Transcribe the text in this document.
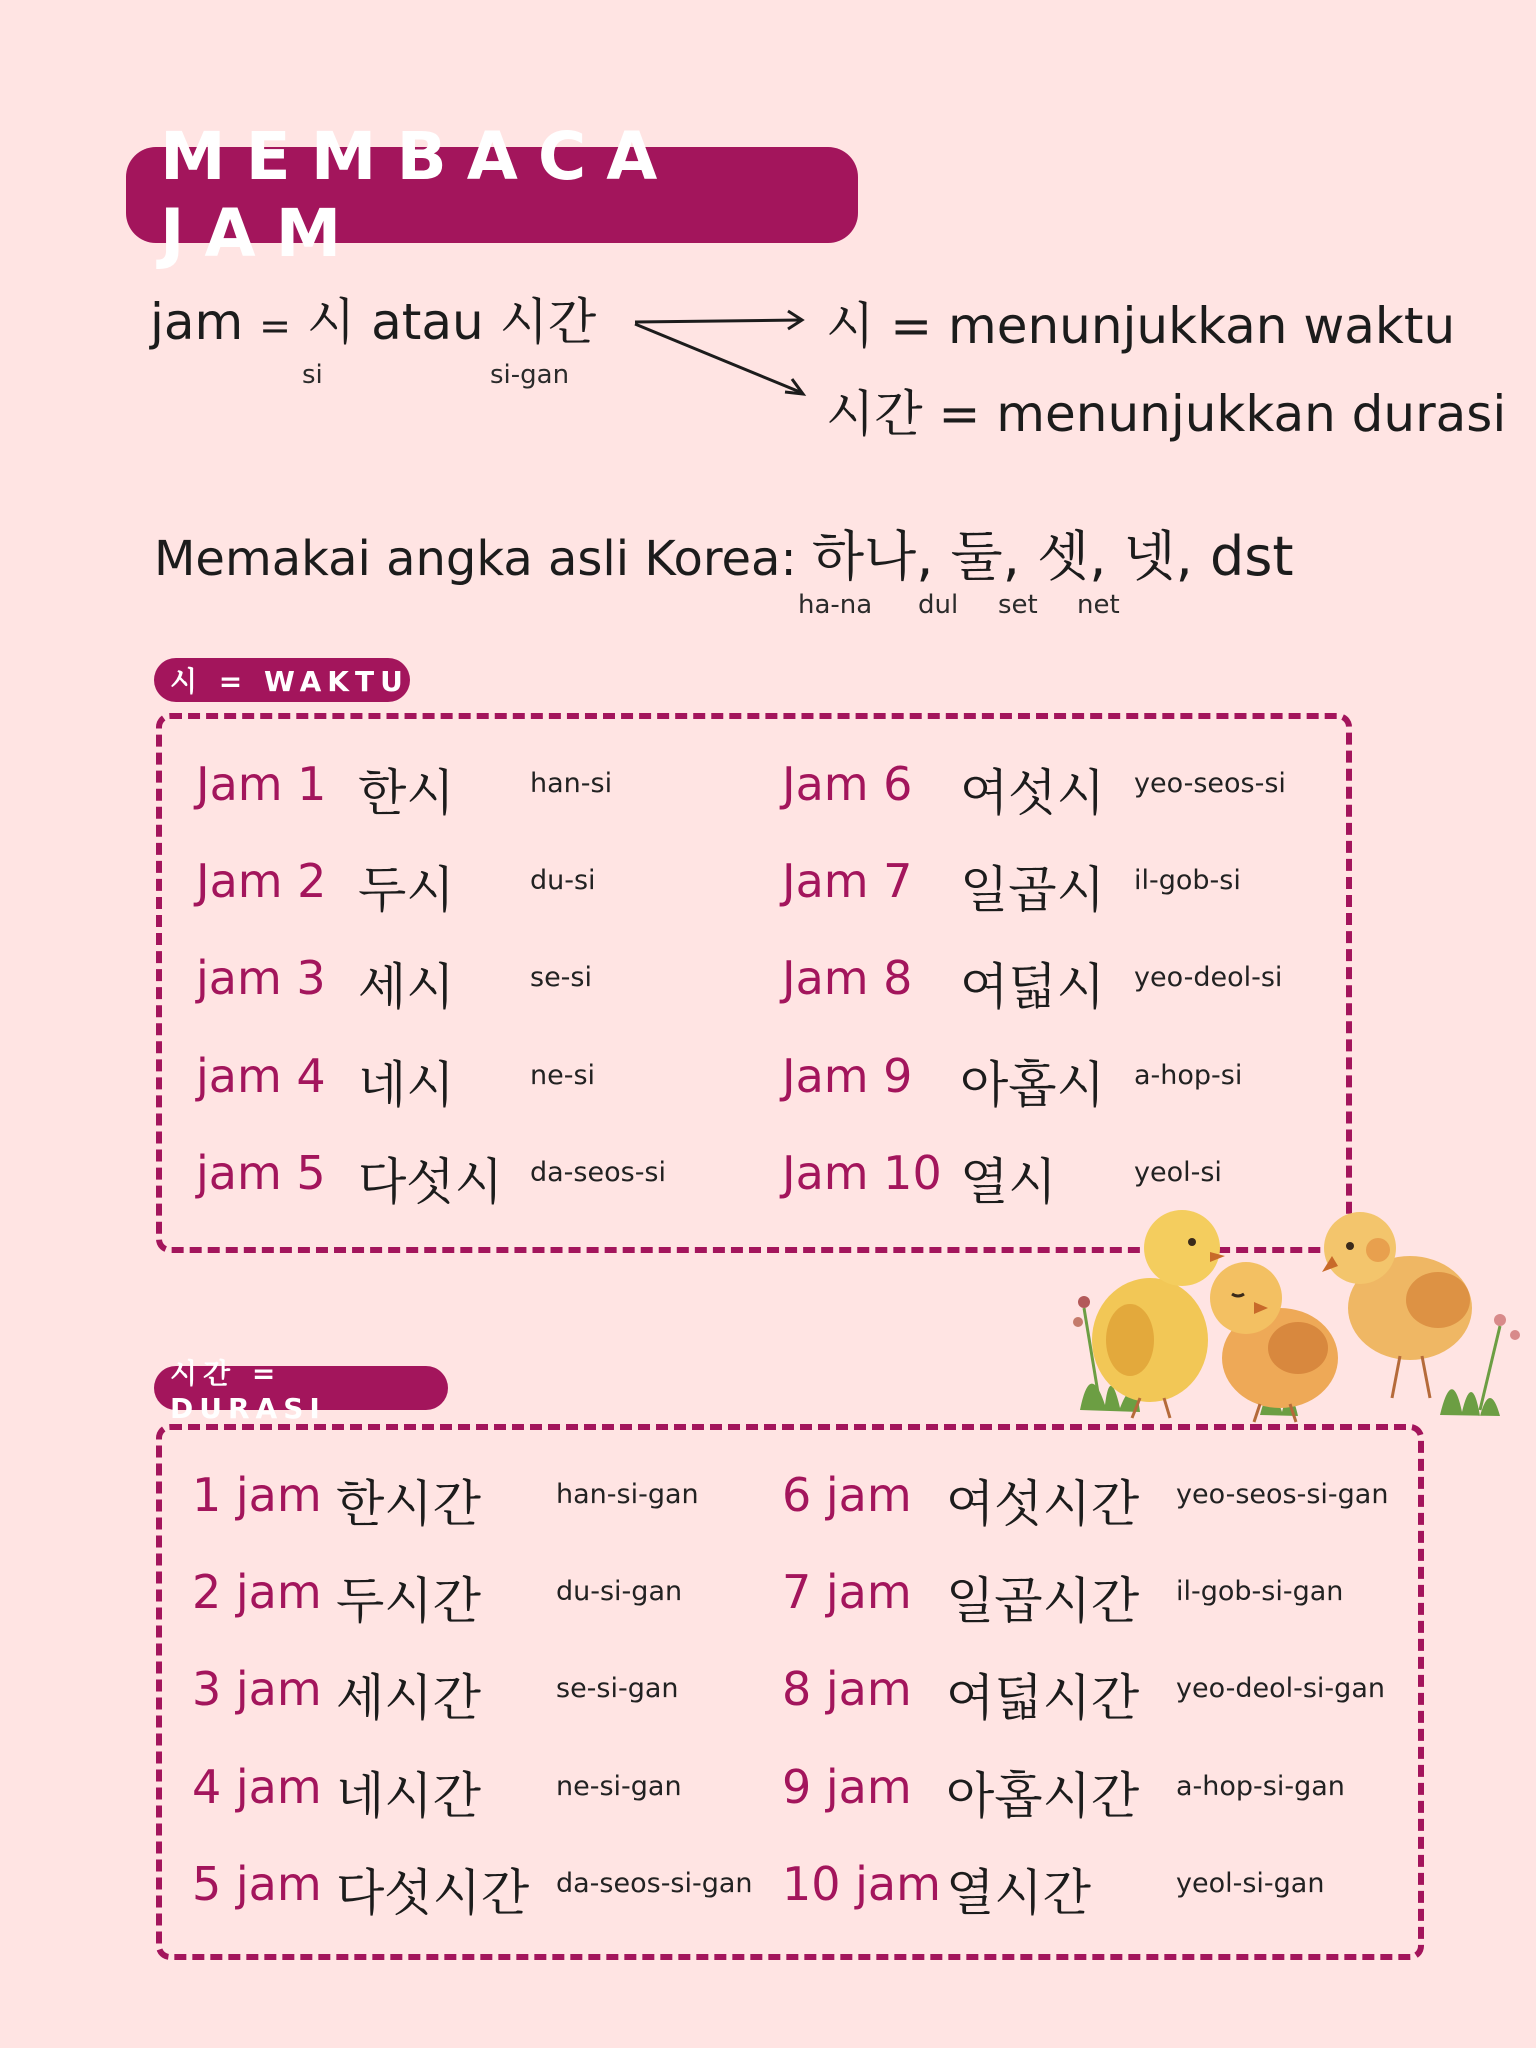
MEMBACA JAM
jam = 시 atau 시간
si	si-gan
시 = menunjukkan waktu
시간 = menunjukkan durasi
Memakai angka asli Korea: 하나, 둘, 셋, 넷, dst
ha-na dul set net
시 = WAKTU
Jam 1 한시	han-si
Jam 2 두시	du-si
jam 3 세시	se-si
jam 4 네시	ne-si
jam 5 다섯시 da-seos-si
Jam 6 여섯시 yeo-seos-si
Jam 7 일곱시 il-gob-si
Jam 8 여덟시 yeo-deol-si
Jam 9 아홉시 a-hop-si
Jam 10 열시	yeol-si
시간 = DURASI
1 jam 한시간	han-si-gan
2 jam 두시간	du-si-gan
3 jam 세시간	se-si-gan
4 jam 네시간	ne-si-gan
5 jam 다섯시간 da-seos-si-gan
6 jam 여섯시간 yeo-seos-si-gan
7 jam 일곱시간 il-gob-si-gan
8 jam 여덟시간 yeo-deol-si-gan
9 jam 아홉시간 a-hop-si-gan
10 jam 열시간	yeol-si-gan
